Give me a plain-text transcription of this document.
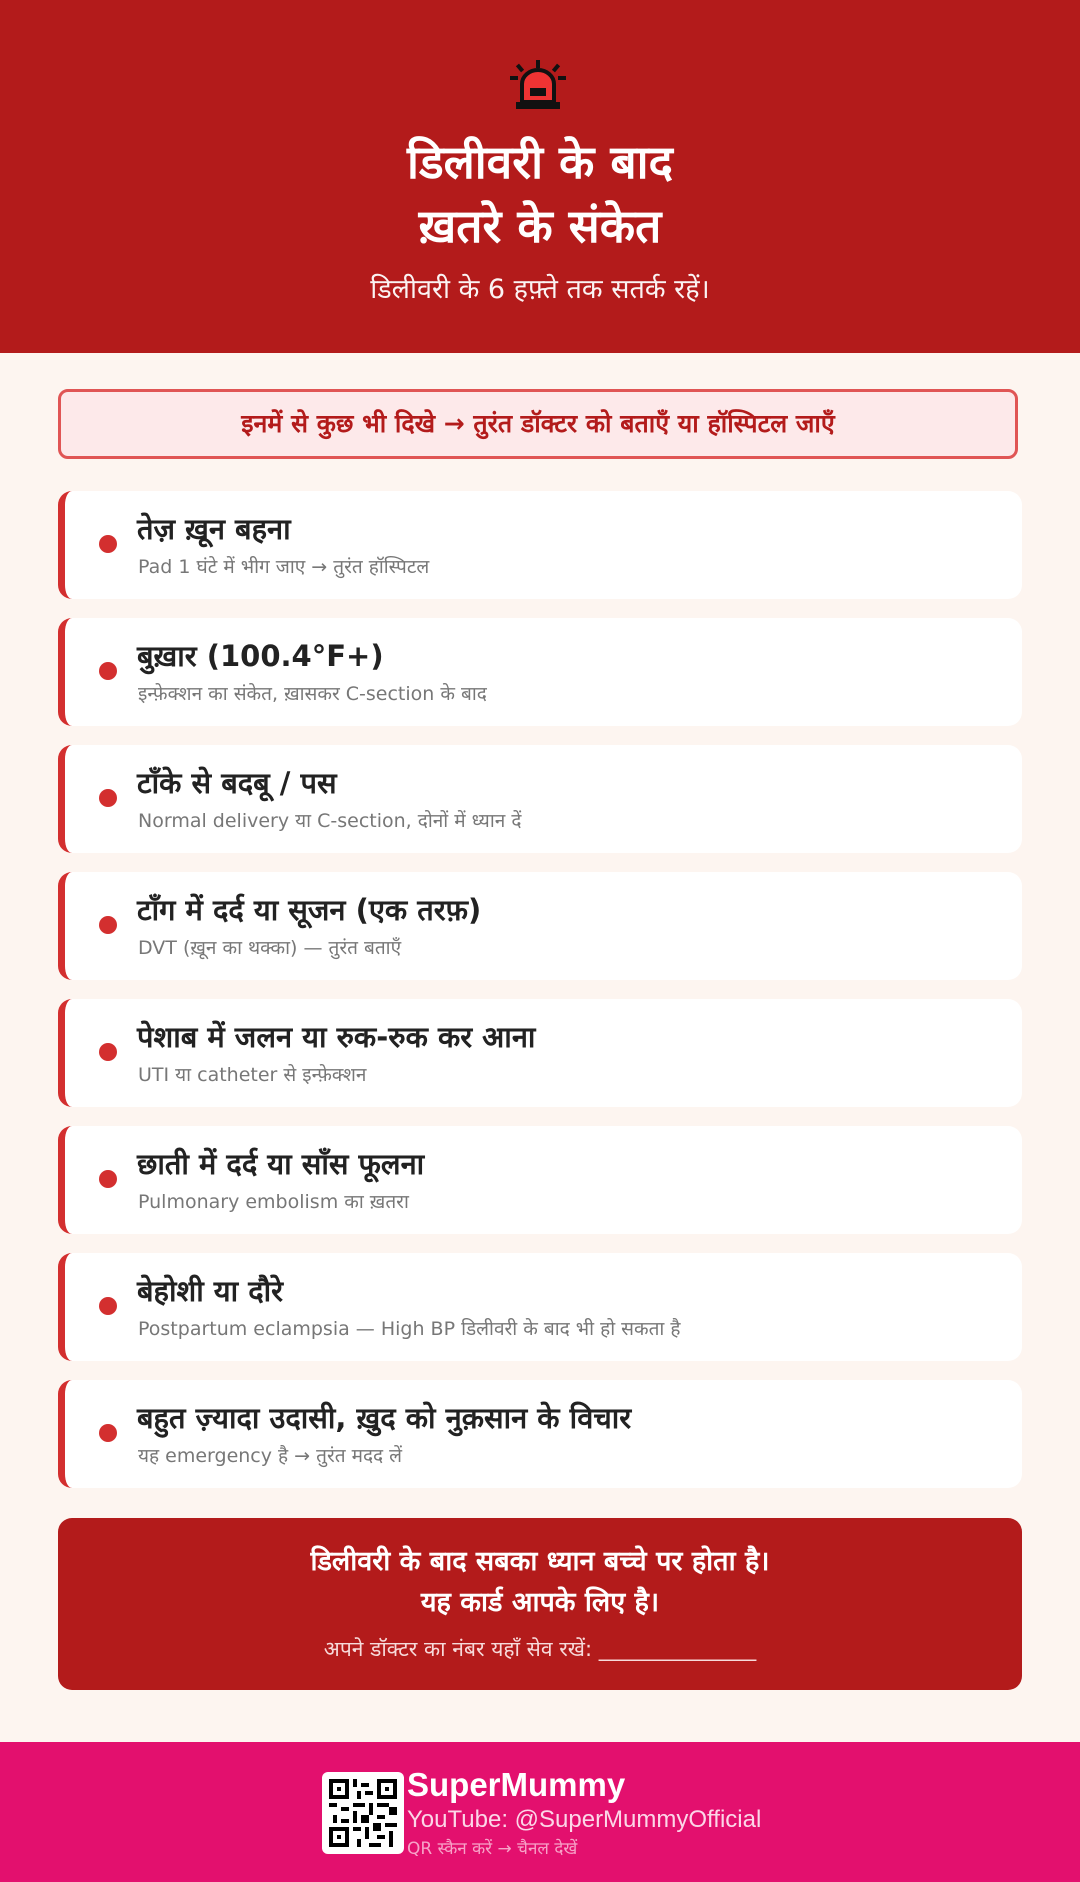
डिलीवरी के बाद
ख़तरे के संकेत
डिलीवरी के 6 हफ़्ते तक सतर्क रहें।
इनमें से कुछ भी दिखे → तुरंत डॉक्टर को बताएँ या हॉस्पिटल जाएँ
तेज़ ख़ून बहना
Pad 1 घंटे में भीग जाए → तुरंत हॉस्पिटल
बुख़ार (100.4°F+)
इन्फ़ेक्शन का संकेत, ख़ासकर C-section के बाद
टाँके से बदबू / पस
Normal delivery या C-section, दोनों में ध्यान दें
टाँग में दर्द या सूजन (एक तरफ़)
DVT (ख़ून का थक्का) — तुरंत बताएँ
पेशाब में जलन या रुक-रुक कर आना
UTI या catheter से इन्फ़ेक्शन
छाती में दर्द या साँस फूलना
Pulmonary embolism का ख़तरा
बेहोशी या दौरे
Postpartum eclampsia — High BP डिलीवरी के बाद भी हो सकता है
बहुत ज़्यादा उदासी, ख़ुद को नुक़सान के विचार
यह emergency है → तुरंत मदद लें
डिलीवरी के बाद सबका ध्यान बच्चे पर होता है।
यह कार्ड आपके लिए है।
अपने डॉक्टर का नंबर यहाँ सेव रखें: _______________
SuperMummy
YouTube: @SuperMummyOfficial
QR स्कैन करें → चैनल देखें
